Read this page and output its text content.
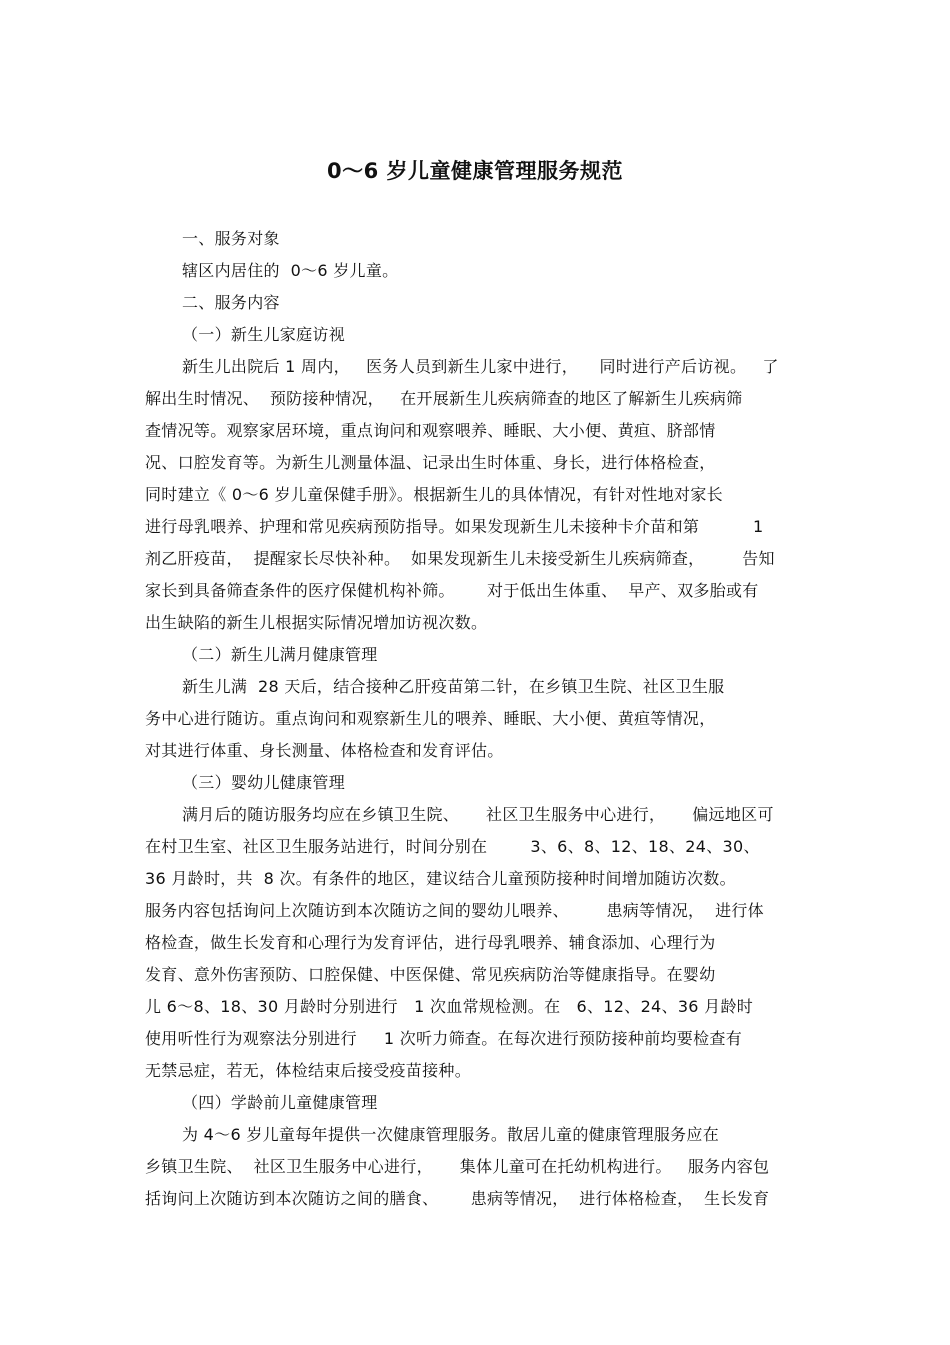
0～6 岁儿童健康管理服务规范
一、服务对象
辖区内居住的  0～6 岁儿童。
二、服务内容
（一）新生儿家庭访视
新生儿出院后 1 周内，   医务人员到新生儿家中进行，    同时进行产后访视。   了
解出生时情况、  预防接种情况，   在开展新生儿疾病筛查的地区了解新生儿疾病筛
查情况等。观察家居环境，重点询问和观察喂养、睡眠、大小便、黄疸、脐部情
况、口腔发育等。为新生儿测量体温、记录出生时体重、身长，进行体格检查，
同时建立《 0～6 岁儿童保健手册》。根据新生儿的具体情况，有针对性地对家长
进行母乳喂养、护理和常见疾病预防指导。如果发现新生儿未接种卡介苗和第          1
剂乙肝疫苗，  提醒家长尽快补种。  如果发现新生儿未接受新生儿疾病筛查，       告知
家长到具备筛查条件的医疗保健机构补筛。      对于低出生体重、  早产、双多胎或有
出生缺陷的新生儿根据实际情况增加访视次数。
（二）新生儿满月健康管理
新生儿满  28 天后，结合接种乙肝疫苗第二针，在乡镇卫生院、社区卫生服
务中心进行随访。重点询问和观察新生儿的喂养、睡眠、大小便、黄疸等情况，
对其进行体重、身长测量、体格检查和发育评估。
（三）婴幼儿健康管理
满月后的随访服务均应在乡镇卫生院、     社区卫生服务中心进行，     偏远地区可
在村卫生室、社区卫生服务站进行，时间分别在        3、6、8、12、18、24、30、
36 月龄时，共  8 次。有条件的地区，建议结合儿童预防接种时间增加随访次数。
服务内容包括询问上次随访到本次随访之间的婴幼儿喂养、       患病等情况，  进行体
格检查，做生长发育和心理行为发育评估，进行母乳喂养、辅食添加、心理行为
发育、意外伤害预防、口腔保健、中医保健、常见疾病防治等健康指导。在婴幼
儿 6～8、18、30 月龄时分别进行   1 次血常规检测。在   6、12、24、36 月龄时
使用听性行为观察法分别进行     1 次听力筛查。在每次进行预防接种前均要检查有
无禁忌症，若无，体检结束后接受疫苗接种。
（四）学龄前儿童健康管理
为 4～6 岁儿童每年提供一次健康管理服务。散居儿童的健康管理服务应在
乡镇卫生院、  社区卫生服务中心进行，     集体儿童可在托幼机构进行。   服务内容包
括询问上次随访到本次随访之间的膳食、      患病等情况，  进行体格检查，  生长发育
